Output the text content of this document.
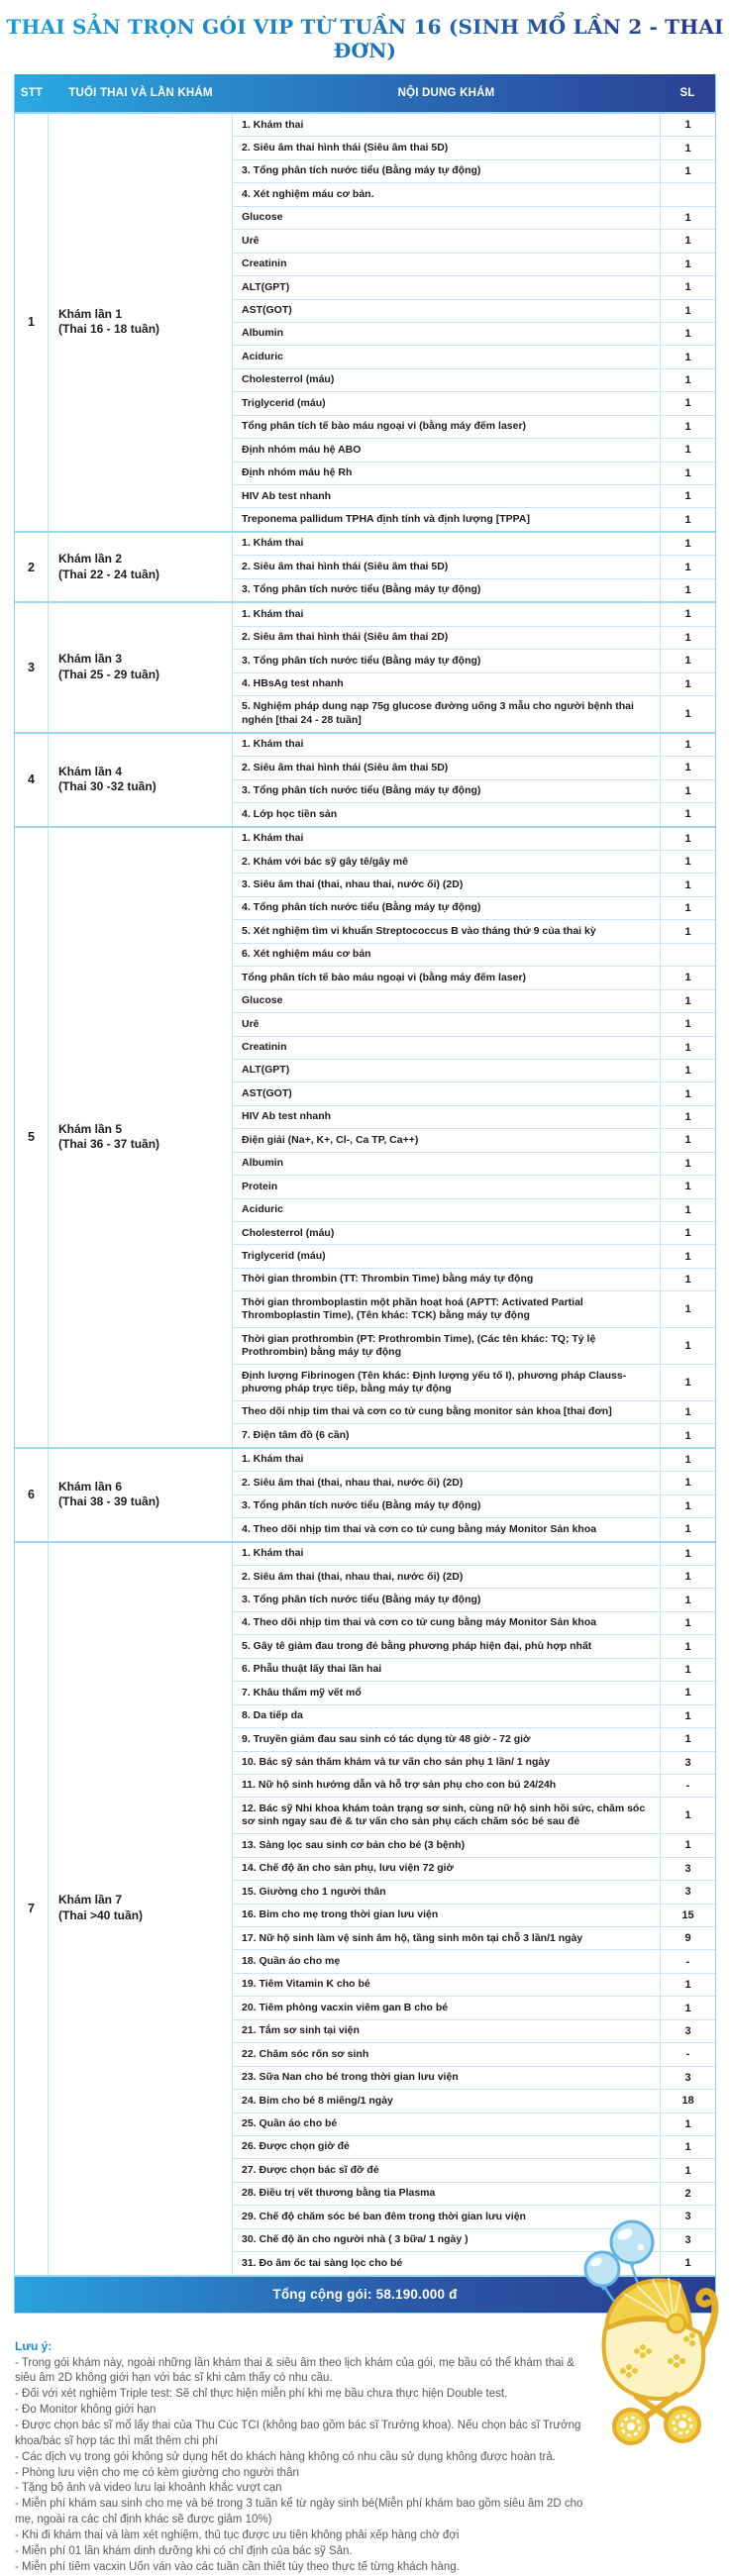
THAI SẢN TRỌN GÓI VIP TỪ TUẦN 16 (SINH MỔ LẦN 2 - THAI ĐƠN)
STT	TUỔI THAI VÀ LẦN KHÁM	NỘI DUNG KHÁM	SL
1
Khám lần 1
(Thai 16 - 18 tuần)
1. Khám thai	1
2. Siêu âm thai hình thái (Siêu âm thai 5D)	1
3. Tổng phân tích nước tiểu (Bằng máy tự động)	1
4. Xét nghiệm máu cơ bản.
Glucose	1
Urê	1
Creatinin	1
ALT(GPT)	1
AST(GOT)	1
Albumin	1
Aciduric	1
Cholesterrol (máu)	1
Triglycerid (máu)	1
Tổng phân tích tế bào máu ngoại vi (bằng máy đếm laser)	1
Định nhóm máu hệ ABO	1
Định nhóm máu hệ Rh	1
HIV Ab test nhanh	1
Treponema pallidum TPHA định tính và định lượng [TPPA]	1
2
Khám lần 2
(Thai 22 - 24 tuần)
1. Khám thai	1
2. Siêu âm thai hình thái (Siêu âm thai 5D)	1
3. Tổng phân tích nước tiểu (Bằng máy tự động)	1
3
Khám lần 3
(Thai 25 - 29 tuần)
1. Khám thai	1
2. Siêu âm thai hình thái (Siêu âm thai 2D)	1
3. Tổng phân tích nước tiểu (Bằng máy tự động)	1
4. HBsAg test nhanh	1
5. Nghiệm pháp dung nạp 75g glucose đường uống 3 mẫu cho người bệnh thai nghén [thai 24 - 28 tuần]	1
4
Khám lần 4
(Thai 30 -32 tuần)
1. Khám thai	1
2. Siêu âm thai hình thái (Siêu âm thai 5D)	1
3. Tổng phân tích nước tiểu (Bằng máy tự động)	1
4. Lớp học tiền sản	1
5
Khám lần 5
(Thai 36 - 37 tuần)
1. Khám thai	1
2. Khám với bác sỹ gây tê/gây mê	1
3. Siêu âm thai (thai, nhau thai, nước ối) (2D)	1
4. Tổng phân tích nước tiểu (Bằng máy tự động)	1
5. Xét nghiệm tìm vi khuẩn Streptococcus B vào tháng thứ 9 của thai kỳ	1
6. Xét nghiệm máu cơ bản
Tổng phân tích tế bào máu ngoại vi (bằng máy đếm laser)	1
Glucose	1
Urê	1
Creatinin	1
ALT(GPT)	1
AST(GOT)	1
HIV Ab test nhanh	1
Điện giải (Na+, K+, Cl-, Ca TP, Ca++)	1
Albumin	1
Protein	1
Aciduric	1
Cholesterrol (máu)	1
Triglycerid (máu)	1
Thời gian thrombin (TT: Thrombin Time) bằng máy tự động	1
Thời gian thromboplastin một phần hoạt hoá (APTT: Activated Partial Thromboplastin Time), (Tên khác: TCK) bằng máy tự động	1
Thời gian prothrombin (PT: Prothrombin Time), (Các tên khác: TQ; Tỷ lệ Prothrombin) bằng máy tự động	1
Định lượng Fibrinogen (Tên khác: Định lượng yếu tố I), phương pháp Clauss- phương pháp trực tiếp, bằng máy tự động	1
Theo dõi nhịp tim thai và cơn co tử cung bằng monitor sản khoa [thai đơn]	1
7. Điện tâm đồ (6 cần)	1
6
Khám lần 6
(Thai 38 - 39 tuần)
1. Khám thai	1
2. Siêu âm thai (thai, nhau thai, nước ối) (2D)	1
3. Tổng phân tích nước tiểu (Bằng máy tự động)	1
4. Theo dõi nhịp tim thai và cơn co tử cung bằng máy Monitor Sản khoa	1
7
Khám lần 7
(Thai >40 tuần)
1. Khám thai	1
2. Siêu âm thai (thai, nhau thai, nước ối) (2D)	1
3. Tổng phân tích nước tiểu (Bằng máy tự động)	1
4. Theo dõi nhịp tim thai và cơn co tử cung bằng máy Monitor Sản khoa	1
5. Gây tê giảm đau trong đẻ bằng phương pháp hiện đại, phù hợp nhất	1
6. Phẫu thuật lấy thai lần hai	1
7. Khâu thẩm mỹ vết mổ	1
8. Da tiếp da	1
9. Truyền giảm đau sau sinh có tác dụng từ 48 giờ - 72 giờ	1
10. Bác sỹ sản thăm khám và tư vấn cho sản phụ 1 lần/ 1 ngày	3
11. Nữ hộ sinh hướng dẫn và hỗ trợ sản phụ cho con bú 24/24h	-
12. Bác sỹ Nhi khoa khám toàn trạng sơ sinh, cùng nữ hộ sinh hồi sức, chăm sóc sơ sinh ngay sau đẻ & tư vấn cho sản phụ cách chăm sóc bé sau đẻ	1
13. Sàng lọc sau sinh cơ bản cho bé (3 bệnh)	1
14. Chế độ ăn cho sản phụ, lưu viện 72 giờ	3
15. Giường cho 1 người thân	3
16. Bỉm cho mẹ trong thời gian lưu viện	15
17. Nữ hộ sinh làm vệ sinh âm hộ, tầng sinh môn tại chỗ 3 lần/1 ngày	9
18. Quần áo cho mẹ	-
19. Tiêm Vitamin K cho bé	1
20. Tiêm phòng vacxin viêm gan B cho bé	1
21. Tắm sơ sinh tại viện	3
22. Chăm sóc rốn sơ sinh	-
23. Sữa Nan cho bé trong thời gian lưu viện	3
24. Bỉm cho bé 8 miếng/1 ngày	18
25. Quần áo cho bé	1
26. Được chọn giờ đẻ	1
27. Được chọn bác sĩ đỡ đẻ	1
28. Điều trị vết thương bằng tia Plasma	2
29. Chế độ chăm sóc bé ban đêm trong thời gian lưu viện	3
30. Chế độ ăn cho người nhà ( 3 bữa/ 1 ngày )	3
31. Đo âm ốc tai sàng lọc cho bé	1
Tổng cộng gói: 58.190.000 đ
Lưu ý:
- Trong gói khám này, ngoài những lần khám thai & siêu âm theo lịch khám của gói, mẹ bầu có thể khám thai & siêu âm 2D không giới hạn với bác sĩ khi cảm thấy có nhu cầu.
- Đối với xét nghiệm Triple test: Sẽ chỉ thực hiện miễn phí khi mẹ bầu chưa thực hiện Double test.
- Đo Monitor không giới hạn
- Được chọn bác sĩ mổ lấy thai của Thu Cúc TCI (không bao gồm bác sĩ Trưởng khoa). Nếu chọn bác sĩ Trưởng khoa/bác sĩ hợp tác thì mất thêm chi phí
- Các dịch vụ trong gói không sử dụng hết do khách hàng không có nhu cầu sử dụng không được hoàn trả.
- Phòng lưu viện cho mẹ có kèm giường cho người thân
- Tặng bộ ảnh và video lưu lại khoảnh khắc vượt cạn
- Miễn phí khám sau sinh cho mẹ và bé trong 3 tuần kể từ ngày sinh bé(Miễn phí khám bao gồm siêu âm 2D cho mẹ, ngoài ra các chỉ định khác sẽ được giảm 10%)
- Khi đi khám thai và làm xét nghiệm, thủ tục được ưu tiên không phải xếp hàng chờ đợi
- Miễn phí 01 lần khám dinh dưỡng khi có chỉ định của bác sỹ Sản.
- Miễn phí tiêm vacxin Uốn ván vào các tuần cần thiết tùy theo thực tế từng khách hàng.
